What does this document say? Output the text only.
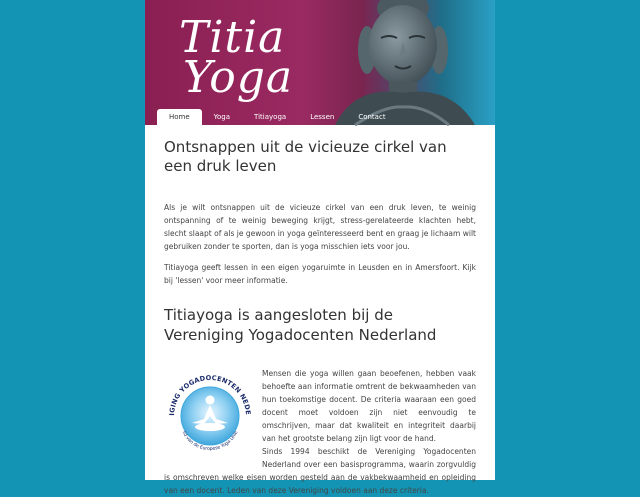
Titia
Yoga
Home	Yoga	Titiayoga	Lessen	Contact
Ontsnappen uit de vicieuze cirkel van een druk leven

Als je wilt ontsnappen uit de vicieuze cirkel van een druk leven, te weinig ontspanning of te weinig beweging krijgt, stress-gerelateerde klachten hebt, slecht slaapt of als je gewoon in yoga geïnteresseerd bent en graag je lichaam wilt gebruiken zonder te sporten, dan is yoga misschien iets voor jou.

Titiayoga geeft lessen in een eigen yogaruimte in Leusden en in Amersfoort. Kijk bij 'lessen' voor meer informatie.

Titiayoga is aangesloten bij de Vereniging Yogadocenten Nederland
IGING YOGADOCENTEN NEDE
lid van de Europese Yoga Unie
Mensen die yoga willen gaan beoefenen, hebben vaak behoefte aan informatie omtrent de bekwaamheden van hun toekomstige docent. De criteria waaraan een goed docent moet voldoen zijn niet eenvoudig te omschrijven, maar dat kwaliteit en integriteit daarbij van het grootste belang zijn ligt voor de hand.
Sinds 1994 beschikt de Vereniging Yogadocenten Nederland over een basisprogramma, waarin zorgvuldig is omschreven welke eisen worden gesteld aan de vakbekwaamheid en opleiding van een docent. Leden van deze Vereniging voldoen aan deze criteria.
